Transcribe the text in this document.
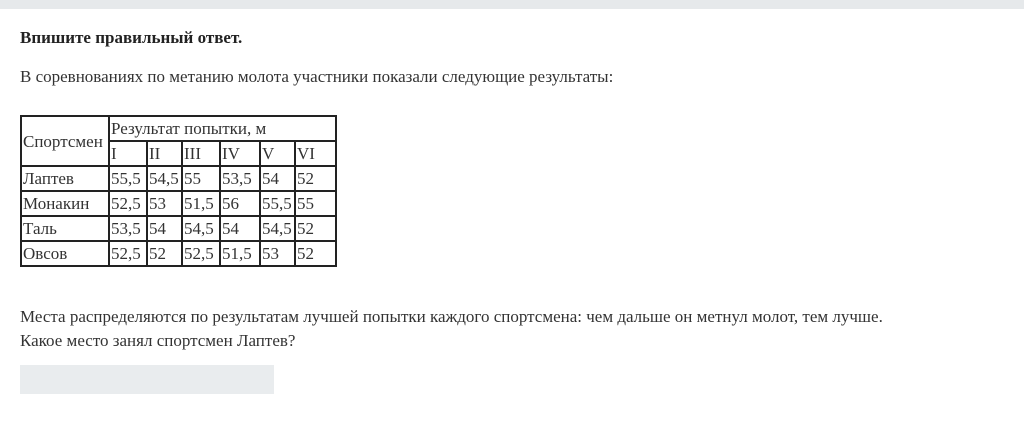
Впишите правильный ответ.
В соревнованиях по метанию молота участники показали следующие результаты:
Спортсмен	Результат попытки, м					
	I	II	III	IV	V	VI
Лаптев	55,5	54,5	55	53,5	54	52
Монакин	52,5	53	51,5	56	55,5	55
Таль	53,5	54	54,5	54	54,5	52
Овсов	52,5	52	52,5	51,5	53	52
Места распределяются по результатам лучшей попытки каждого спортсмена: чем дальше он метнул молот, тем лучше.
Какое место занял спортсмен Лаптев?
